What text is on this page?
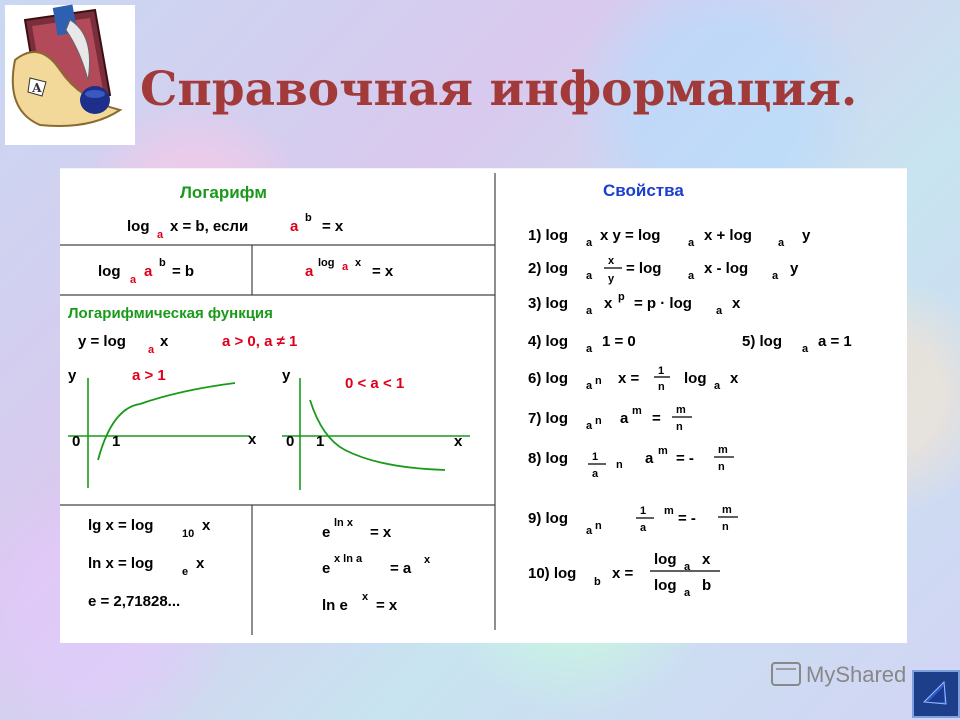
А Справочная информация.
Логарифм
log a x = b, если	a b = x
log a a b = b	a log a x = x
Логарифмическая функция
y = log a x	a > 0, a ≠ 1
у	a > 1
0 1	x
у	0 < a < 1
0 1	x
lg x = log	10 x
ln x = log	e x
e = 2,71828...
e
ln x
= x
e
x ln a
= a x
ln e x = x
Свойства
1) log a x y = log	a x + log a y
2) log a
x
y
= log a x - log a y
3) log a x p = p · log a x
4) log a 1 = 0	5) log a a = 1
6) log a n x = 1
n log a x
7) log a n a m = m
n
8) log 1
a
n a m = - m
n
9) log
a n
1
a
m = - m
n
10) log b x =
log a x
log a b
MyShared
